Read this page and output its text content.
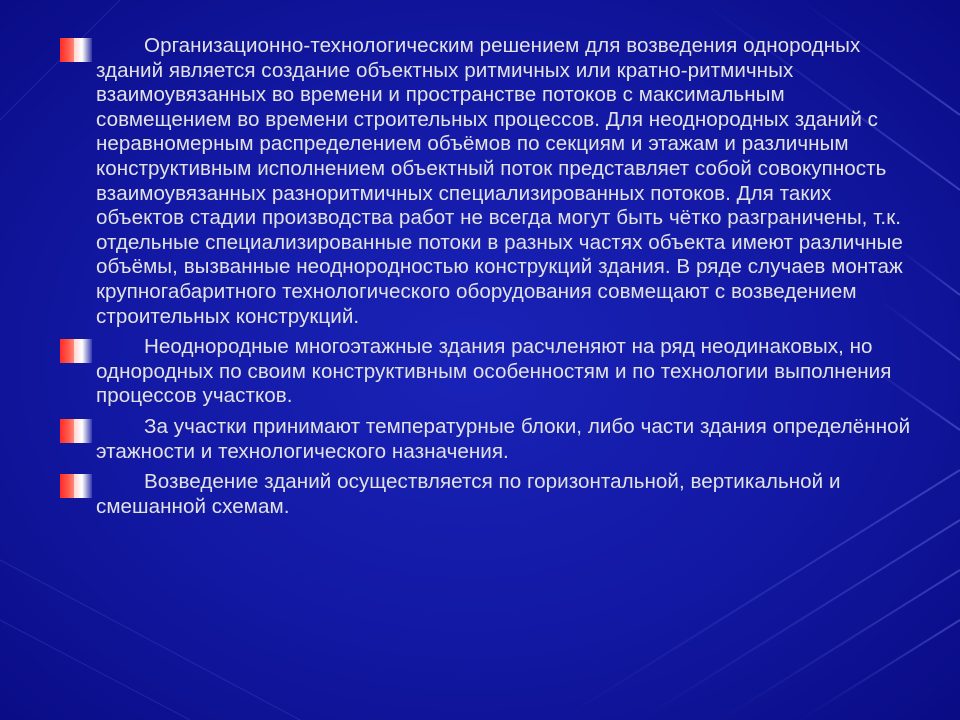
Организационно-технологическим решением для возведения однородных зданий является создание объектных ритмичных или кратно-ритмичных взаимоувязанных во времени и пространстве потоков с максимальным совмещением во времени строительных процессов. Для неоднородных зданий с неравномерным распределением объёмов по секциям и этажам и различным конструктивным исполнением объектный поток представляет собой совокупность взаимоувязанных разноритмичных специализированных потоков. Для таких объектов стадии производства работ не всегда могут быть чётко разграничены, т.к. отдельные специализированные потоки в разных частях объекта имеют различные объёмы, вызванные неоднородностью конструкций здания. В ряде случаев монтаж крупногабаритного технологического оборудования совмещают с возведением строительных конструкций.

Неоднородные многоэтажные здания расчленяют на ряд неодинаковых, но однородных по своим конструктивным особенностям и по технологии выполнения процессов участков.

За участки принимают температурные блоки, либо части здания определённой этажности и технологического назначения.

Возведение зданий осуществляется по горизонтальной, вертикальной и смешанной схемам.
